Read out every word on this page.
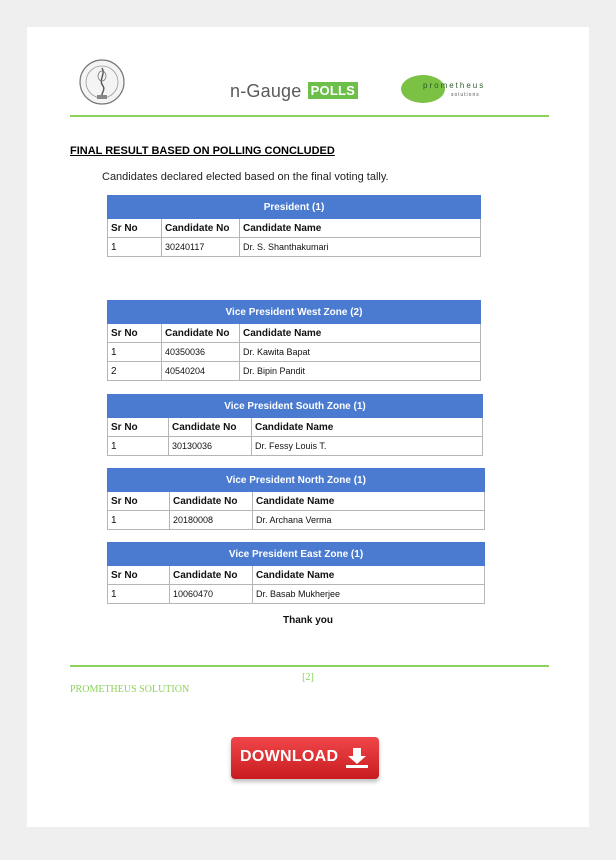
n-Gauge POLLS	prometheus
solutions
FINAL RESULT BASED ON POLLING CONCLUDED
Candidates declared elected based on the final voting tally.
President (1)		
Sr No	Candidate No	Candidate Name
1	30240117	Dr. S. Shanthakumari
Vice President West Zone (2)		
Sr No	Candidate No	Candidate Name
1	40350036	Dr. Kawita Bapat
2	40540204	Dr. Bipin Pandit
Vice President South Zone (1)		
Sr No	Candidate No	Candidate Name
1	30130036	Dr. Fessy Louis T.
Vice President North Zone (1)		
Sr No	Candidate No	Candidate Name
1	20180008	Dr. Archana Verma
Vice President East Zone (1)		
Sr No	Candidate No	Candidate Name
1	10060470	Dr. Basab Mukherjee
Thank you
[2]
PROMETHEUS SOLUTION
DOWNLOAD
